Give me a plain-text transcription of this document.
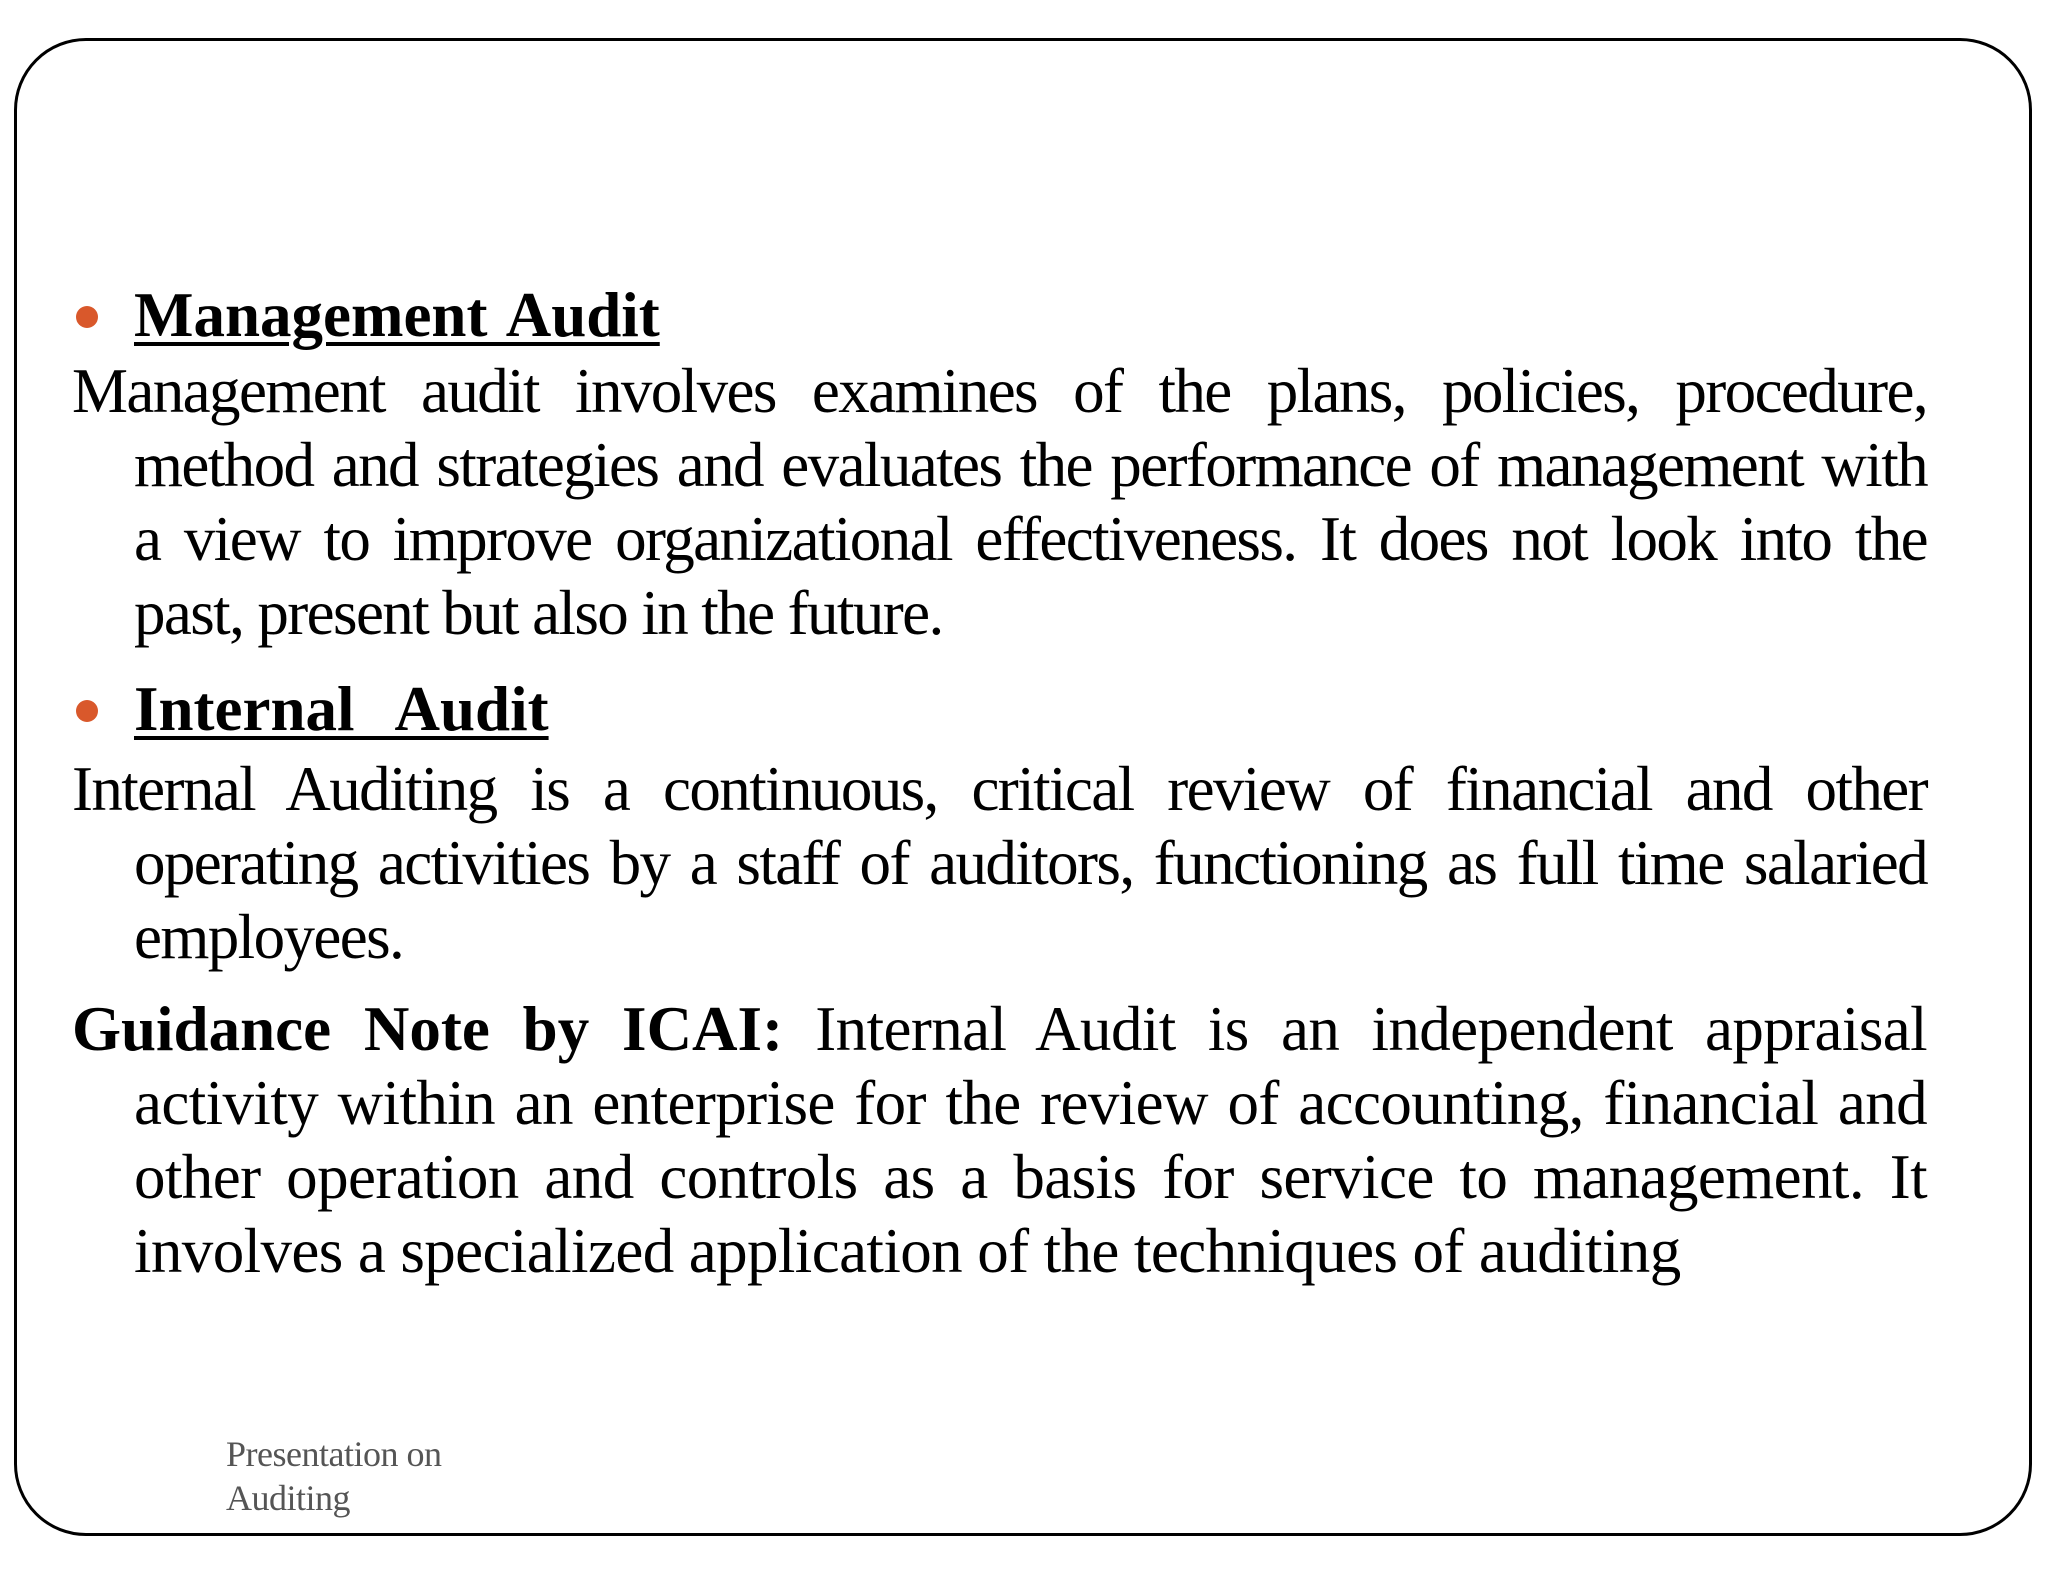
Management Audit

Management audit involves examines of the plans, policies, procedure, method and strategies and evaluates the performance of management with a view to improve organizational effectiveness. It does not look into the past, present but also in the future.

Internal  Audit

Internal Auditing is a continuous, critical review of financial and other operating activities by a staff of auditors, functioning as full time salaried employees.

Guidance Note by ICAI: Internal Audit is an independent appraisal activity within an enterprise for the review of accounting, financial and other operation and controls as a basis for service to management. It involves a specialized application of the techniques of auditing

Presentation on
Auditing
